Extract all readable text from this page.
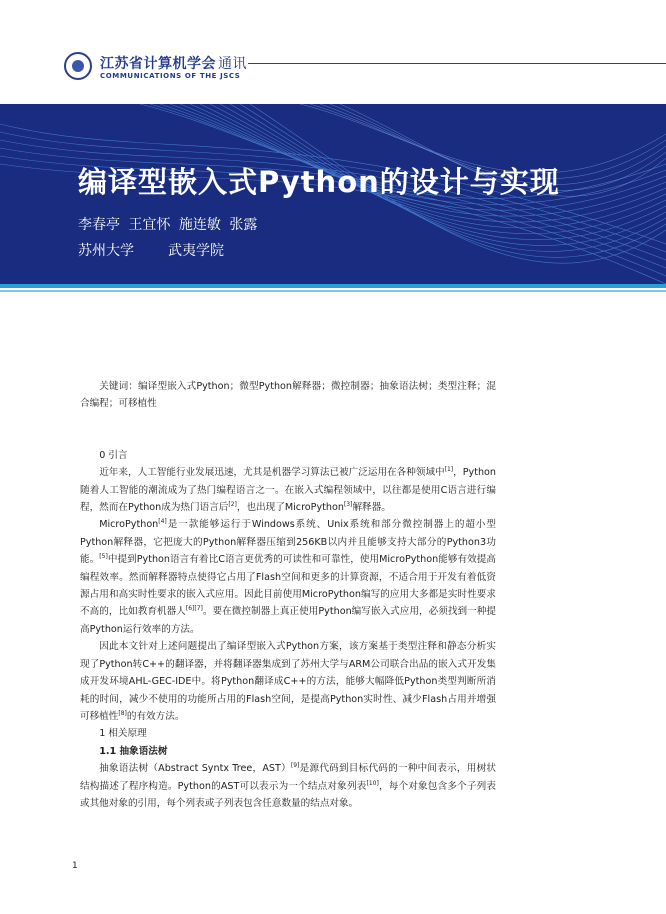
江苏省计算机学会 通讯
COMMUNICATIONS OF THE JSCS
编译型嵌入式Python的设计与实现
李春亭 王宜怀 施连敏 张露
苏州大学 武夷学院

关键词：编译型嵌入式Python；微型Python解释器；微控制器；抽象语法树；类型注释；混合编程；可移植性

0 引言

近年来，人工智能行业发展迅速，尤其是机器学习算法已被广泛运用在各种领域中[1]，Python随着人工智能的潮流成为了热门编程语言之一。在嵌入式编程领域中，以往都是使用C语言进行编程，然而在Python成为热门语言后[2]，也出现了MicroPython[3]解释器。

MicroPython[4]是一款能够运行于Windows系统、Unix系统和部分微控制器上的超小型Python解释器，它把庞大的Python解释器压缩到256KB以内并且能够支持大部分的Python3功能。[5]中提到Python语言有着比C语言更优秀的可读性和可靠性，使用MicroPython能够有效提高编程效率。然而解释器特点使得它占用了Flash空间和更多的计算资源，不适合用于开发有着低资源占用和高实时性要求的嵌入式应用。因此目前使用MicroPython编写的应用大多都是实时性要求不高的，比如教育机器人[6][7]。要在微控制器上真正使用Python编写嵌入式应用，必须找到一种提高Python运行效率的方法。

因此本文针对上述问题提出了编译型嵌入式Python方案，该方案基于类型注释和静态分析实现了Python转C++的翻译器，并将翻译器集成到了苏州大学与ARM公司联合出品的嵌入式开发集成开发环境AHL-GEC-IDE中。将Python翻译成C++的方法，能够大幅降低Python类型判断所消耗的时间，减少不使用的功能所占用的Flash空间，是提高Python实时性、减少Flash占用并增强可移植性[8]的有效方法。

1 相关原理

1.1 抽象语法树

抽象语法树（Abstract Syntx Tree，AST）[9]是源代码到目标代码的一种中间表示，用树状结构描述了程序构造。Python的AST可以表示为一个结点对象列表[10]，每个对象包含多个子列表或其他对象的引用，每个列表或子列表包含任意数量的结点对象。

1
